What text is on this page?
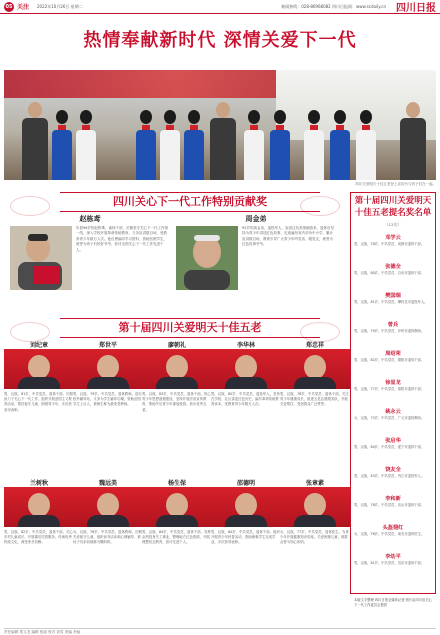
05 关注 2022年10月26日 星期二	新闻热线：028-86968082 四川日报网：www.scdaily.cn 四川日报
热情奉献新时代 深情关爱下一代
四川关爱明天十佳五老登上宣讲台与孩子们在一起。
四川关心下一代工作特别贡献奖
赵栋鸢
年届96岁的赵栋鸢，离休干部，长期坚守关心下一代工作第一线，深入学校开展革命传统教育，义务宣讲数百场，受教育青少年数万人次。他自费编印学习资料，资助贫困学生，被誉为孩子们的好爷爷，获评全国关心下一代工作先进个人。
周金弟
92岁的周金弟，退役军人，参加过抗美援朝战争。退休后坚持为青少年讲述红色故事，足迹遍布省内多所中小学，累计宣讲数百场，教育引导广大青少年听党话、跟党走，被誉为红色故事爷爷。
第十届四川关爱明天十佳五老
刘纪章
男，汉族，81岁，中共党员，退休干部。长期致力于关心下一代工作，组织开展爱国主义教育活动，帮扶留守儿童、困境青少年，多次获省市表彰。
郑世平
男，汉族，79岁，中共党员，退休教师。创办校外辅导站，义务为学生辅导功课，资助贫困学生上百人，被师生称为最美老教师。
廖朝礼
男，汉族，83岁，中共党员，退休干部。热心青少年思想道德建设，坚持开展法治宣传教育，帮助失足青少年重返校园，获评优秀五老。
李华林
男，汉族，80岁，中共党员，退役军人。坚持在学校、社区讲述红色历史，编写革命传统教育读本，受教育青少年数万人次。
郑忠祥
男，汉族，78岁，中共党员，退休干部。关注青少年健康成长，组建五老志愿服务队，开展关爱帮扶，受到群众广泛赞誉。
兰树秋
男，汉族，82岁，中共党员，退休干部。关心乡村儿童成长，开展课后托管服务，传承优秀传统文化，深受家长信赖。
魏远美
女，汉族，76岁，中共党员，退休教师。长期关爱留守儿童，组织读书活动和心理辅导，被孩子们亲切地称为魏奶奶。
杨生保
男，汉族，84岁，中共党员，退休干部。发挥余热投身关工事业，整理地方红色资源，开展理想信念教育，获评先进个人。
邵德明
男，汉族，80岁，中共党员，退休干部。组织开展青少年科普活动，资助困难学生完成学业，多次获得表彰。
张章素
女，汉族，77岁，中共党员，退休医生。为青少年开展健康知识讲座，关爱困境儿童，被群众誉为知心奶奶。
第十届四川关爱明天十佳五老提名奖名单
（12名）
邓学云
男，汉族，78岁，中共党员，成都市退休干部。
张德全
男，汉族，80岁，中共党员，自贡市退休干部。
樊国瑞
男，汉族，81岁，中共党员，攀枝花市退役军人。
曾兵
男，汉族，79岁，中共党员，泸州市退休教师。
周绍荣
男，汉族，82岁，中共党员，德阳市退休干部。
徐显龙
男，汉族，77岁，中共党员，绵阳市退休干部。
姚永云
女，汉族，75岁，中共党员，广元市退休教师。
张启华
男，汉族，80岁，中共党员，遂宁市退休干部。
饶友全
男，汉族，83岁，中共党员，内江市退役军人。
李和新
男，汉族，78岁，中共党员，乐山市退休干部。
头盔翅红
女，汉族，76岁，中共党员，南充市退休医生。
李幼平
男，汉族，81岁，中共党员，宜宾市退休干部。
本版文字整理 四川日报全媒体记者 图片由四川省关心下一代工作委员会提供
责任编辑 郑文龙 编辑 张丽 校对 刘雪 美编 李灿
